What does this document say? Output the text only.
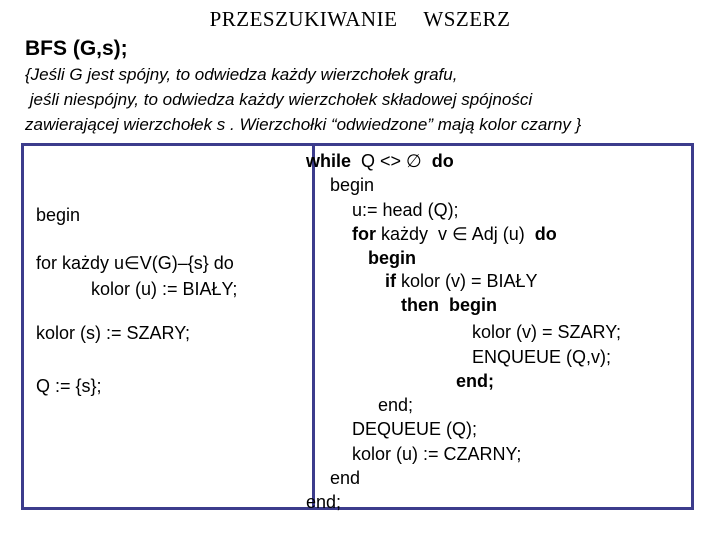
PRZESZUKIWANIE WSZERZ
BFS (G,s);
{Jeśli G jest spójny, to odwiedza każdy wierzchołek grafu,
jeśli niespójny, to odwiedza każdy wierzchołek składowej spójności
zawierającej wierzchołek s . Wierzchołki “odwiedzone” mają kolor czarny }
begin
for każdy u∈V(G)–{s} do
kolor (u) := BIAŁY;
kolor (s) := SZARY;
Q := {s};
while  Q <> ∅  do
begin
u:= head (Q);
for każdy  v ∈ Adj (u)  do
begin
if kolor (v) = BIAŁY
then  begin
kolor (v) = SZARY;
ENQUEUE (Q,v);
end;
end;
DEQUEUE (Q);
kolor (u) := CZARNY;
end
end;
